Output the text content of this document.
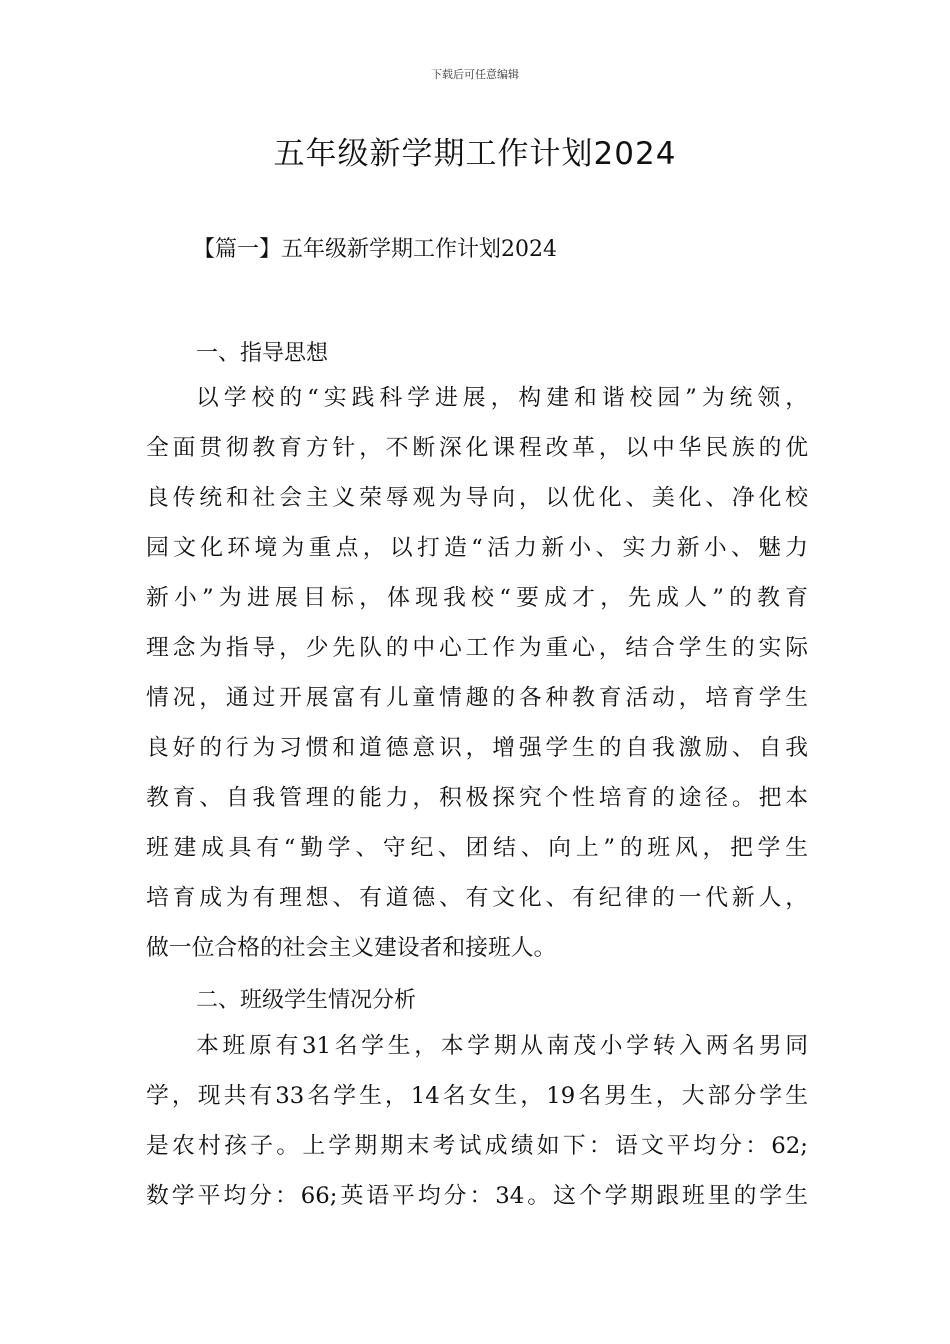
下载后可任意编辑
五年级新学期工作计划2024
【篇一】五年级新学期工作计划2024
一、指导思想
以学校的“实践科学进展，构建和谐校园”为统领，
全面贯彻教育方针，不断深化课程改革，以中华民族的优
良传统和社会主义荣辱观为导向，以优化、美化、净化校
园文化环境为重点，以打造“活力新小、实力新小、魅力
新小”为进展目标，体现我校“要成才，先成人”的教育
理念为指导，少先队的中心工作为重心，结合学生的实际
情况，通过开展富有儿童情趣的各种教育活动，培育学生
良好的行为习惯和道德意识，增强学生的自我激励、自我
教育、自我管理的能力，积极探究个性培育的途径。把本
班建成具有“勤学、守纪、团结、向上”的班风，把学生
培育成为有理想、有道德、有文化、有纪律的一代新人，
做一位合格的社会主义建设者和接班人。
二、班级学生情况分析
本班原有31名学生，本学期从南茂小学转入两名男同
学，现共有33名学生，14名女生，19名男生，大部分学生
是农村孩子。上学期期末考试成绩如下：语文平均分：62;
数学平均分：66;英语平均分：34。这个学期跟班里的学生
